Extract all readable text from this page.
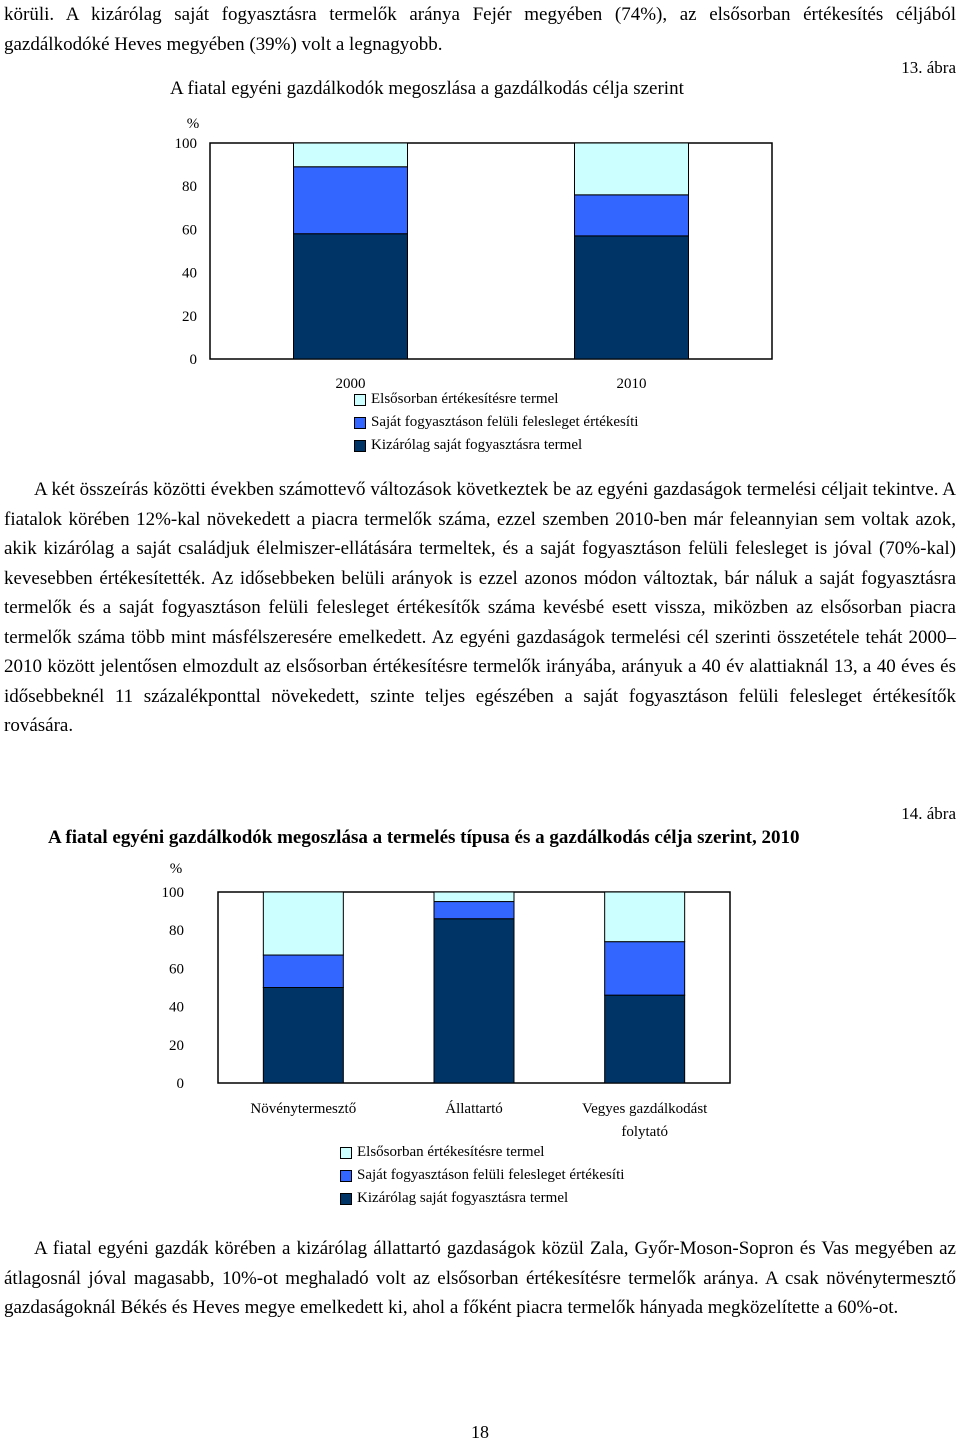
körüli. A kizárólag saját fogyasztásra termelők aránya Fejér megyében (74%), az elsősorban értékesítés céljából gazdálkodóké Heves megyében (39%) volt a legnagyobb.

13. ábra
A fiatal egyéni gazdálkodók megoszlása a gazdálkodás célja szerint
%
100
80
60
40
20
0
2000	2010
Elsősorban értékesítésre termel
Saját fogyasztáson felüli felesleget értékesíti
Kizárólag saját fogyasztásra termel

A két összeírás közötti években számottevő változások következtek be az egyéni gazdaságok termelési céljait tekintve. A fiatalok körében 12%-kal növekedett a piacra termelők száma, ezzel szemben 2010-ben már feleannyian sem voltak azok, akik kizárólag a saját családjuk élelmiszer-ellátására termeltek, és a saját fogyasztáson felüli felesleget is jóval (70%-kal) kevesebben értékesítették. Az idősebbeken belüli arányok is ezzel azonos módon változtak, bár náluk a saját fogyasztásra termelők és a saját fogyasztáson felüli felesleget értékesítők száma kevésbé esett vissza, miközben az elsősorban piacra termelők száma több mint másfélszeresére emelkedett. Az egyéni gazdaságok termelési cél szerinti összetétele tehát 2000–2010 között jelentősen elmozdult az elsősorban értékesítésre termelők irányába, arányuk a 40 év alattiaknál 13, a 40 éves és idősebbeknél 11 százalékponttal növekedett, szinte teljes egészében a saját fogyasztáson felüli felesleget értékesítők rovására.

14. ábra
A fiatal egyéni gazdálkodók megoszlása a termelés típusa és a gazdálkodás célja szerint, 2010
%
100
80
60
40
20
0
Növénytermesztő	Állattartó	Vegyes gazdálkodást
folytató
Elsősorban értékesítésre termel
Saját fogyasztáson felüli felesleget értékesíti
Kizárólag saját fogyasztásra termel

A fiatal egyéni gazdák körében a kizárólag állattartó gazdaságok közül Zala, Győr-Moson-Sopron és Vas megyében az átlagosnál jóval magasabb, 10%-ot meghaladó volt az elsősorban értékesítésre termelők aránya. A csak növénytermesztő gazdaságoknál Békés és Heves megye emelkedett ki, ahol a főként piacra termelők hányada megközelítette a 60%-ot.

18
